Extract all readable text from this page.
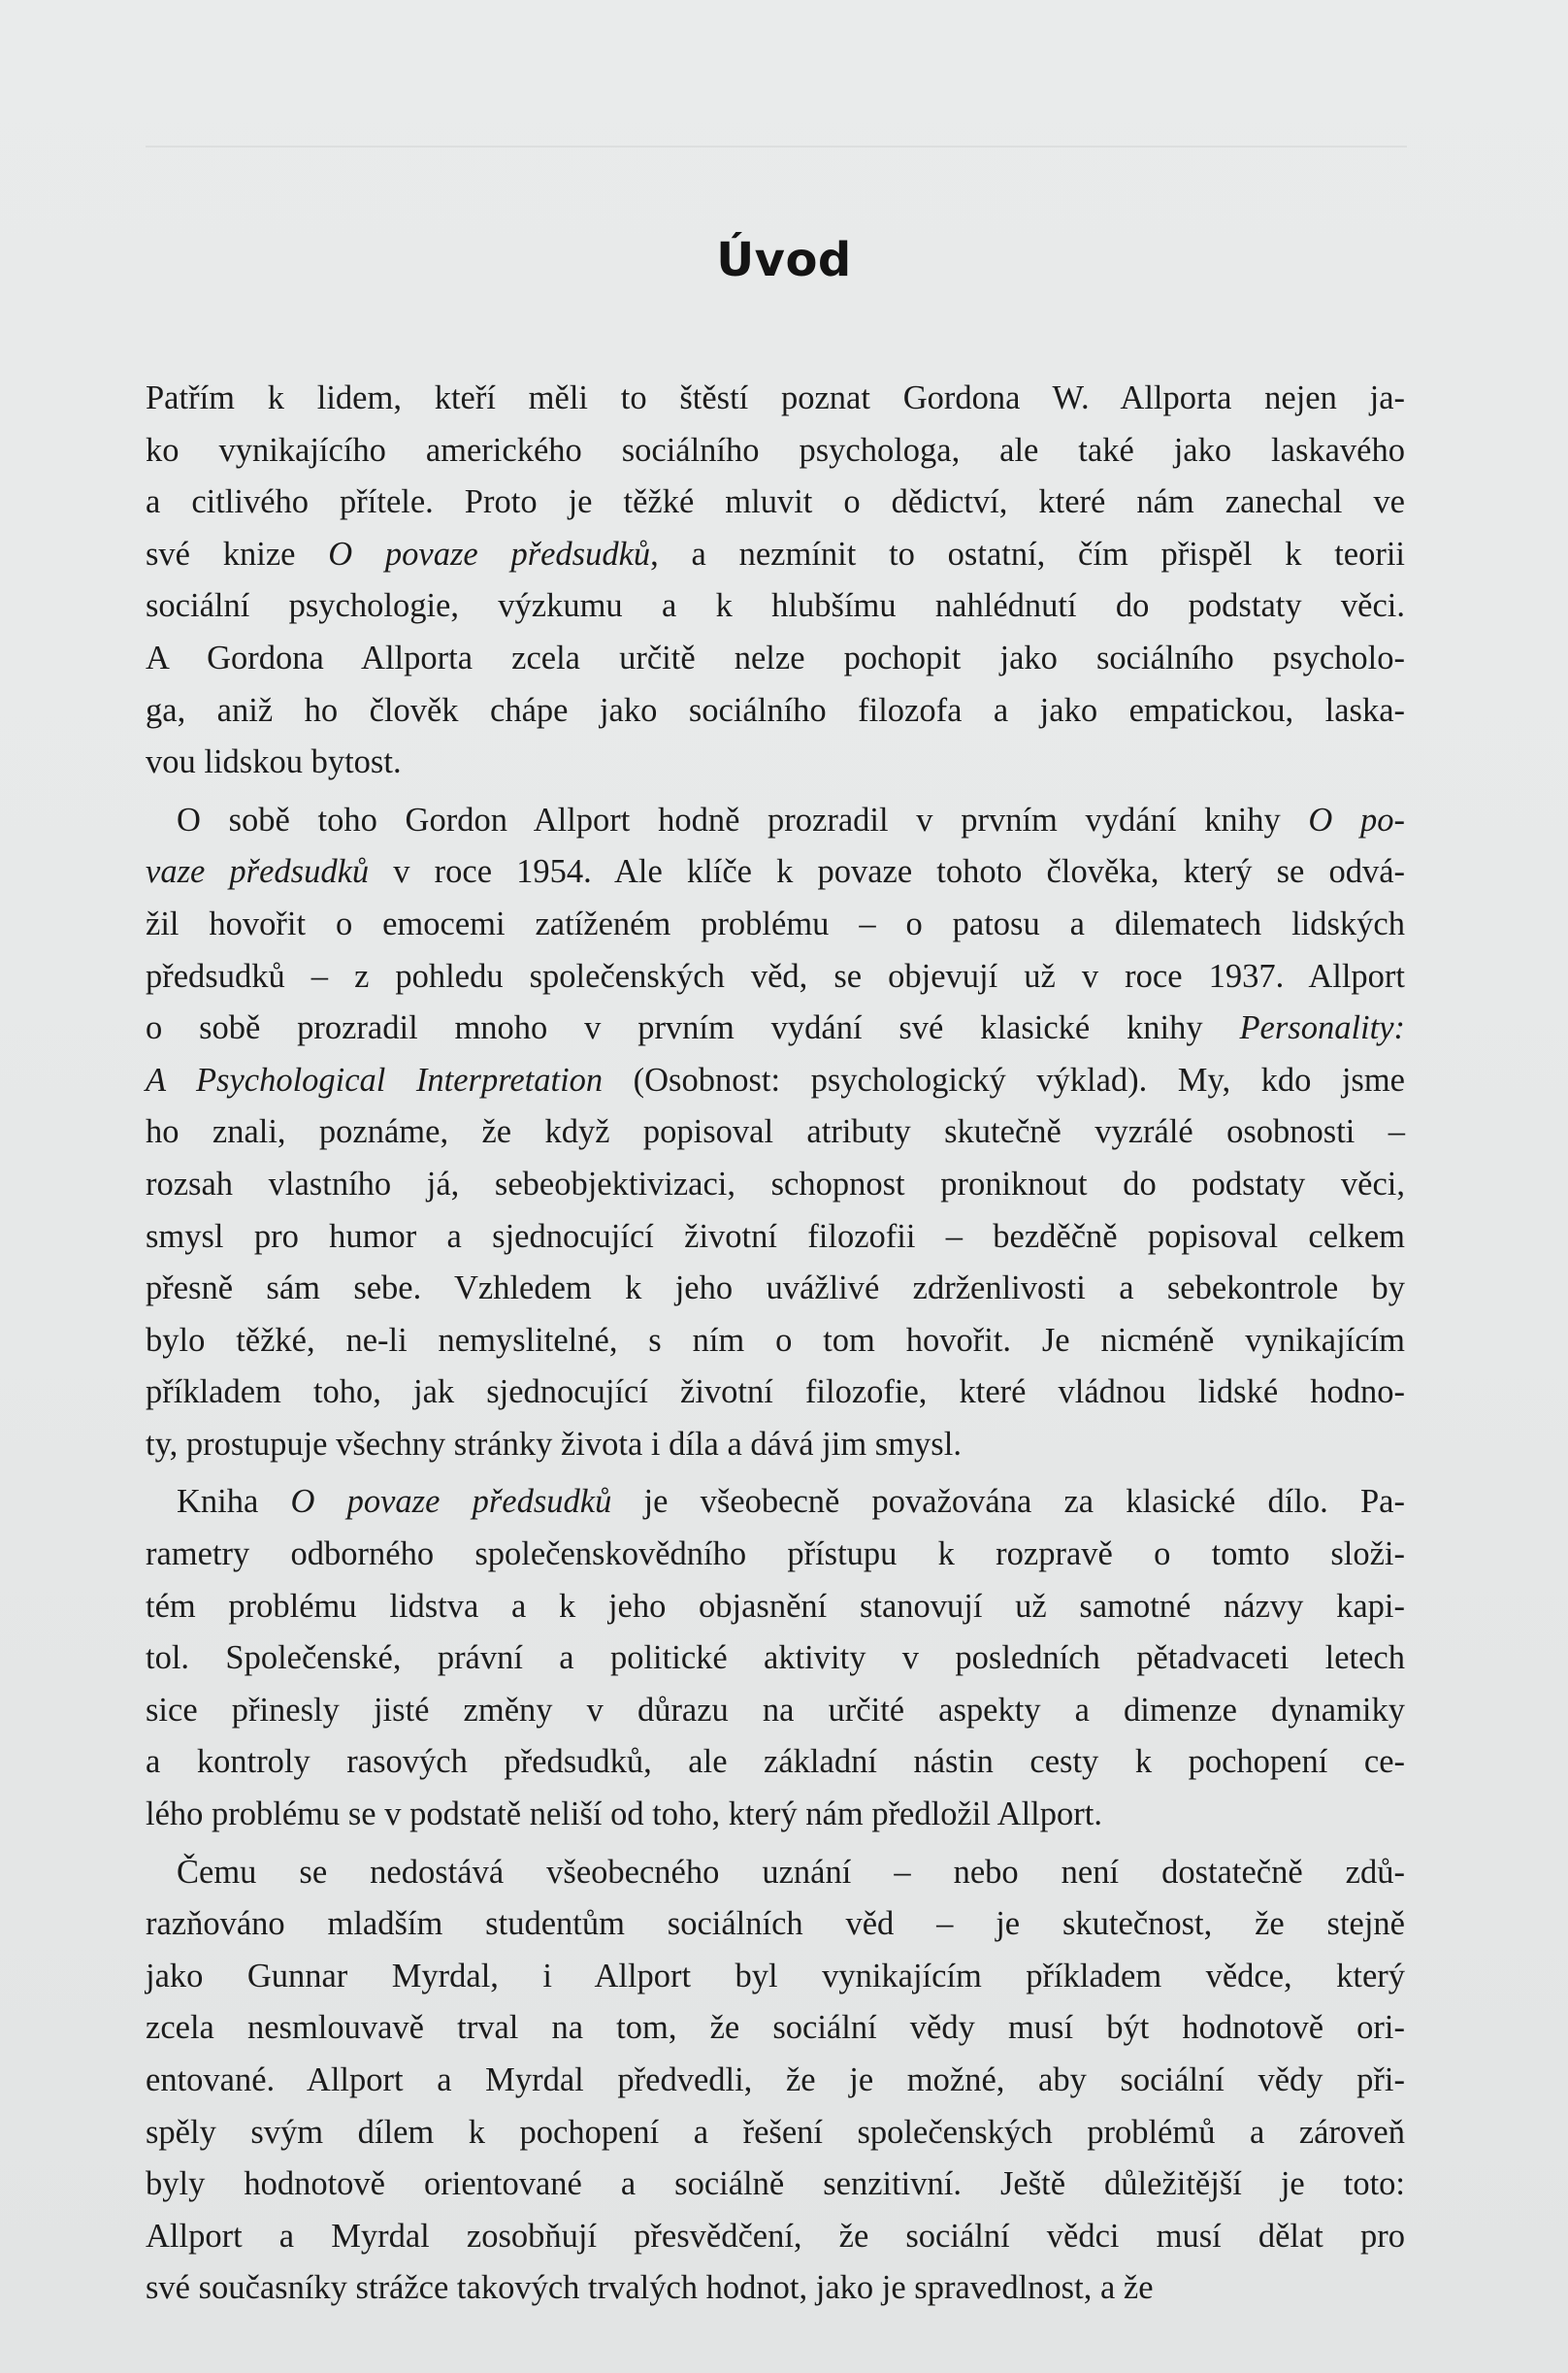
Úvod
Patřím k lidem, kteří měli to štěstí poznat Gordona W. Allporta nejen ja-
ko vynikajícího amerického sociálního psychologa, ale také jako laskavého
a citlivého přítele. Proto je těžké mluvit o dědictví, které nám zanechal ve
své knize O povaze předsudků, a nezmínit to ostatní, čím přispěl k teorii
sociální psychologie, výzkumu a k hlubšímu nahlédnutí do podstaty věci.
A Gordona Allporta zcela určitě nelze pochopit jako sociálního psycholo-
ga, aniž ho člověk chápe jako sociálního filozofa a jako empatickou, laska-
vou lidskou bytost.
O sobě toho Gordon Allport hodně prozradil v prvním vydání knihy O po-
vaze předsudků v roce 1954. Ale klíče k povaze tohoto člověka, který se odvá-
žil hovořit o emocemi zatíženém problému – o patosu a dilematech lidských
předsudků – z pohledu společenských věd, se objevují už v roce 1937. Allport
o sobě prozradil mnoho v prvním vydání své klasické knihy Personality:
A Psychological Interpretation (Osobnost: psychologický výklad). My, kdo jsme
ho znali, poznáme, že když popisoval atributy skutečně vyzrálé osobnosti –
rozsah vlastního já, sebeobjektivizaci, schopnost proniknout do podstaty věci,
smysl pro humor a sjednocující životní filozofii – bezděčně popisoval celkem
přesně sám sebe. Vzhledem k jeho uvážlivé zdrženlivosti a sebekontrole by
bylo těžké, ne-li nemyslitelné, s ním o tom hovořit. Je nicméně vynikajícím
příkladem toho, jak sjednocující životní filozofie, které vládnou lidské hodno-
ty, prostupuje všechny stránky života i díla a dává jim smysl.
Kniha O povaze předsudků je všeobecně považována za klasické dílo. Pa-
rametry odborného společenskovědního přístupu k rozpravě o tomto složi-
tém problému lidstva a k jeho objasnění stanovují už samotné názvy kapi-
tol. Společenské, právní a politické aktivity v posledních pětadvaceti letech
sice přinesly jisté změny v důrazu na určité aspekty a dimenze dynamiky
a kontroly rasových předsudků, ale základní nástin cesty k pochopení ce-
lého problému se v podstatě neliší od toho, který nám předložil Allport.
Čemu se nedostává všeobecného uznání – nebo není dostatečně zdů-
razňováno mladším studentům sociálních věd – je skutečnost, že stejně
jako Gunnar Myrdal, i Allport byl vynikajícím příkladem vědce, který
zcela nesmlouvavě trval na tom, že sociální vědy musí být hodnotově ori-
entované. Allport a Myrdal předvedli, že je možné, aby sociální vědy při-
spěly svým dílem k pochopení a řešení společenských problémů a zároveň
byly hodnotově orientované a sociálně senzitivní. Ještě důležitější je toto:
Allport a Myrdal zosobňují přesvědčení, že sociální vědci musí dělat pro
své současníky strážce takových trvalých hodnot, jako je spravedlnost, a že
